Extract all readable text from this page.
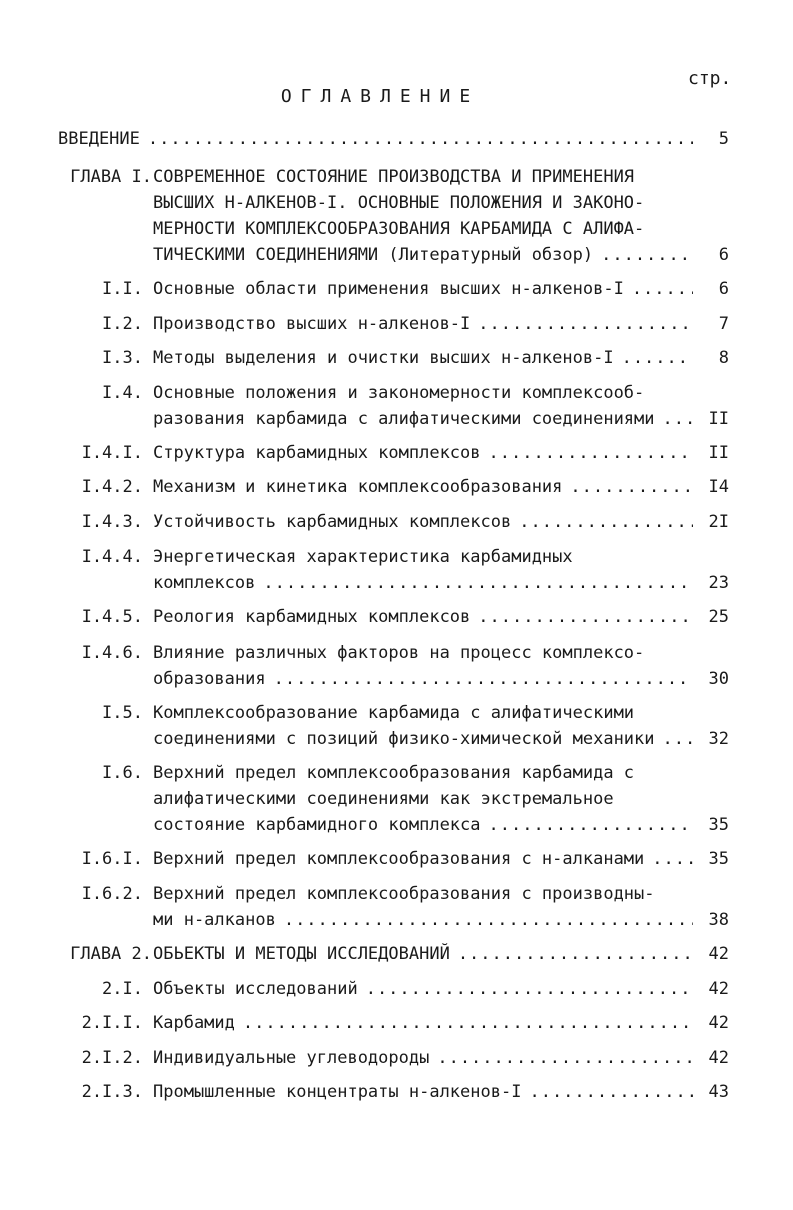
стр.
ОГЛАВЛЕНИЕ
ВВЕДЕНИЕ .....	5
ГЛАВА I. СОВРЕМЕННОЕ СОСТОЯНИЕ ПРОИЗВОДСТВА И ПРИМЕНЕНИЯ
ВЫСШИХ Н-АЛКЕНОВ-I. ОСНОВНЫЕ ПОЛОЖЕНИЯ И ЗАКОНО-
МЕРНОСТИ КОМПЛЕКСООБРАЗОВАНИЯ КАРБАМИДА С АЛИФА-
ТИЧЕСКИМИ СОЕДИНЕНИЯМИ (Литературный обзор) .....	6
I.I. Основные области применения высших н-алкенов-I .....	6
I.2. Производство высших н-алкенов-I .....	7
I.3. Методы выделения и очистки высших н-алкенов-I .....	8
I.4. Основные положения и закономерности комплексооб-
разования карбамида с алифатическими соединениями .....	II
I.4.I. Структура карбамидных комплексов .....	II
I.4.2. Механизм и кинетика комплексообразования .....	I4
I.4.3. Устойчивость карбамидных комплексов .....	2I
I.4.4. Энергетическая характеристика карбамидных
комплексов .....	23
I.4.5. Реология карбамидных комплексов .....	25
I.4.6. Влияние различных факторов на процесс комплексо-
образования .....	30
I.5. Комплексообразование карбамида с алифатическими
соединениями с позиций физико-химической механики .....	32
I.6. Верхний предел комплексообразования карбамида с
алифатическими соединениями как экстремальное
состояние карбамидного комплекса .....	35
I.6.I. Верхний предел комплексообразования с н-алканами .....	35
I.6.2. Верхний предел комплексообразования с производны-
ми н-алканов .....	38
ГЛАВА 2. ОБЬЕКТЫ И МЕТОДЫ ИССЛЕДОВАНИЙ .....	42
2.I. Объекты исследований .....	42
2.I.I. Карбамид .....	42
2.I.2. Индивидуальные углеводороды .....	42
2.I.3. Промышленные концентраты н-алкенов-I .....	43
